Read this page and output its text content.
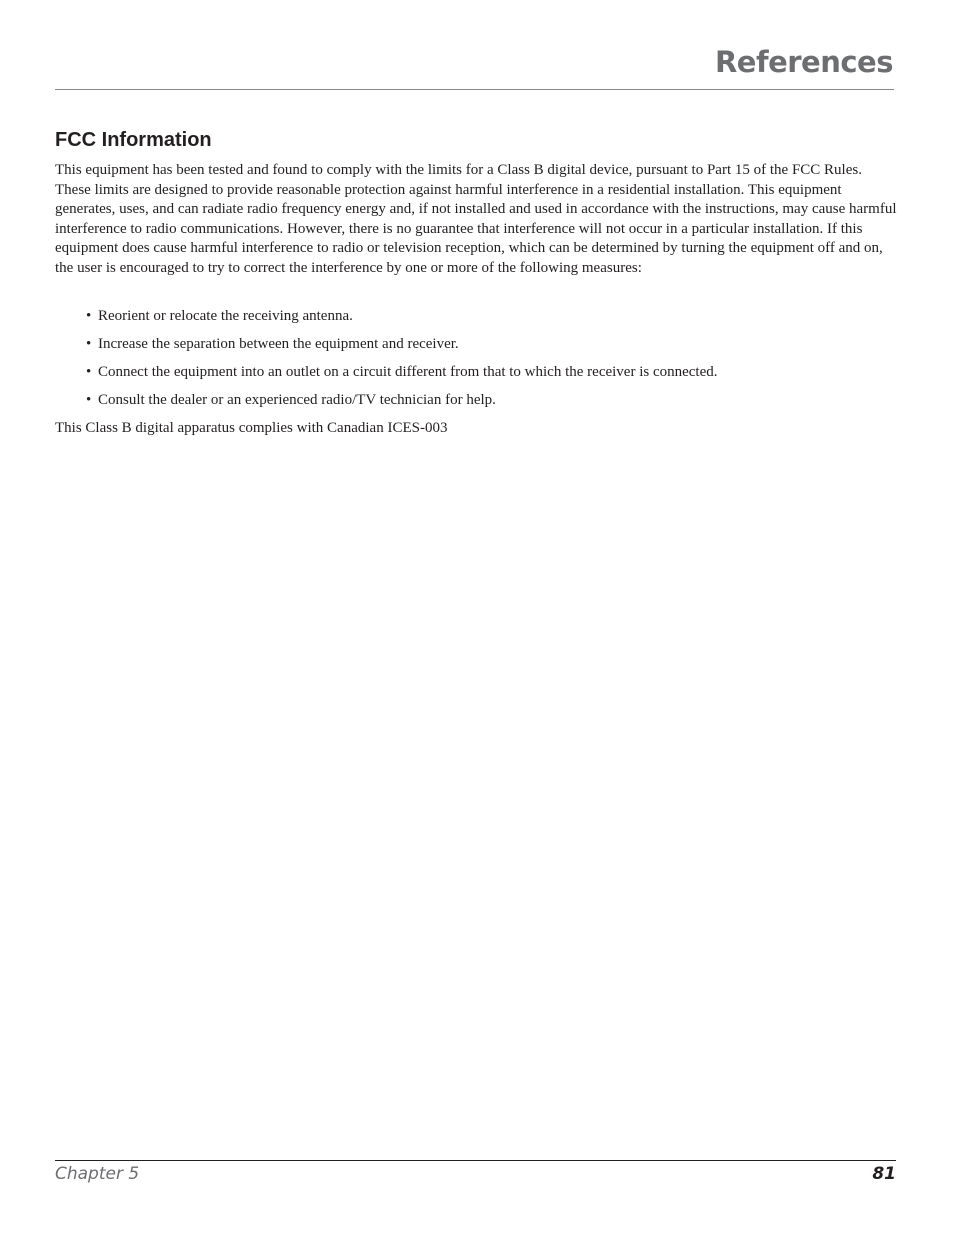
References
FCC Information

This equipment has been tested and found to comply with the limits for a Class B digital device, pursuant to Part 15 of the FCC Rules. These limits are designed to provide reasonable protection against harmful interference in a residential installation. This equipment generates, uses, and can radiate radio frequency energy and, if not installed and used in accordance with the instructions, may cause harmful interference to radio communications. However, there is no guarantee that interference will not occur in a particular installation. If this equipment does cause harmful interference to radio or television reception, which can be determined by turning the equipment off and on, the user is encouraged to try to correct the interference by one or more of the following measures:

• Reorient or relocate the receiving antenna.
• Increase the separation between the equipment and receiver.
• Connect the equipment into an outlet on a circuit different from that to which the receiver is connected.
• Consult the dealer or an experienced radio/TV technician for help.

This Class B digital apparatus complies with Canadian ICES-003

Chapter 5	81
